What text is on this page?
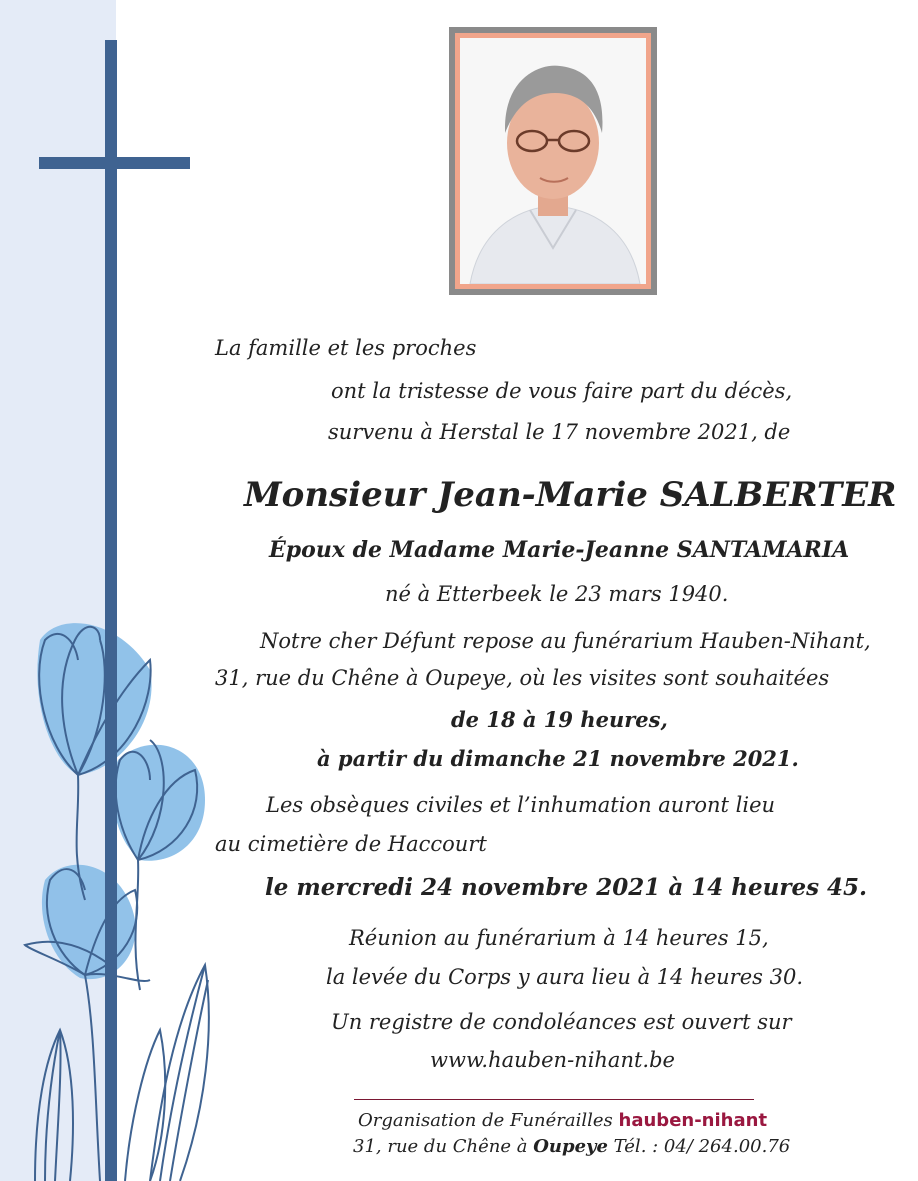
La famille et les proches
ont la tristesse de vous faire part du décès,
survenu à Herstal le 17 novembre 2021, de
Monsieur Jean-Marie SALBERTER
Époux de Madame Marie-Jeanne SANTAMARIA
né à Etterbeek le 23 mars 1940.
Notre cher Défunt repose au funérarium Hauben-Nihant,
31, rue du Chêne à Oupeye, où les visites sont souhaitées
de 18 à 19 heures,
à partir du dimanche 21 novembre 2021.
Les obsèques civiles et l’inhumation auront lieu
au cimetière de Haccourt
le mercredi 24 novembre 2021 à 14 heures 45.
Réunion au funérarium à 14 heures 15,
la levée du Corps y aura lieu à 14 heures 30.
Un registre de condoléances est ouvert sur
www.hauben-nihant.be
Organisation de Funérailles hauben-nihant
31, rue du Chêne à Oupeye Tél. : 04/ 264.00.76
